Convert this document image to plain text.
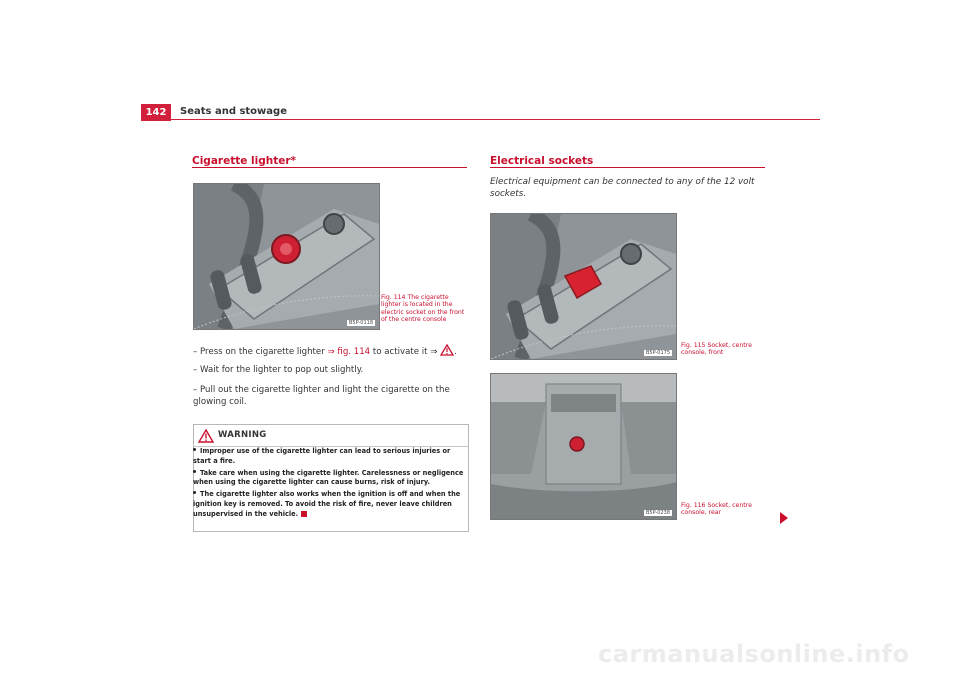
142	Seats and stowage
Cigarette lighter*
B5P-0118
Fig. 114 The cigarette lighter is located in the electric socket on the front of the centre console
– Press on the cigarette lighter ⇒ fig. 114 to activate it ⇒ .
– Wait for the lighter to pop out slightly.
– Pull out the cigarette lighter and light the cigarette on the glowing coil.
WARNING

Improper use of the cigarette lighter can lead to serious injuries or start a fire.

Take care when using the cigarette lighter. Carelessness or negligence when using the cigarette lighter can cause burns, risk of injury.

The cigarette lighter also works when the ignition is off and when the ignition key is removed. To avoid the risk of fire, never leave children unsupervised in the vehicle.

Electrical sockets
Electrical equipment can be connected to any of the 12 volt sockets.
B5P-0175
Fig. 115 Socket, centre console, front
B5P-0238
Fig. 116 Socket, centre console, rear
carmanualsonline.info
